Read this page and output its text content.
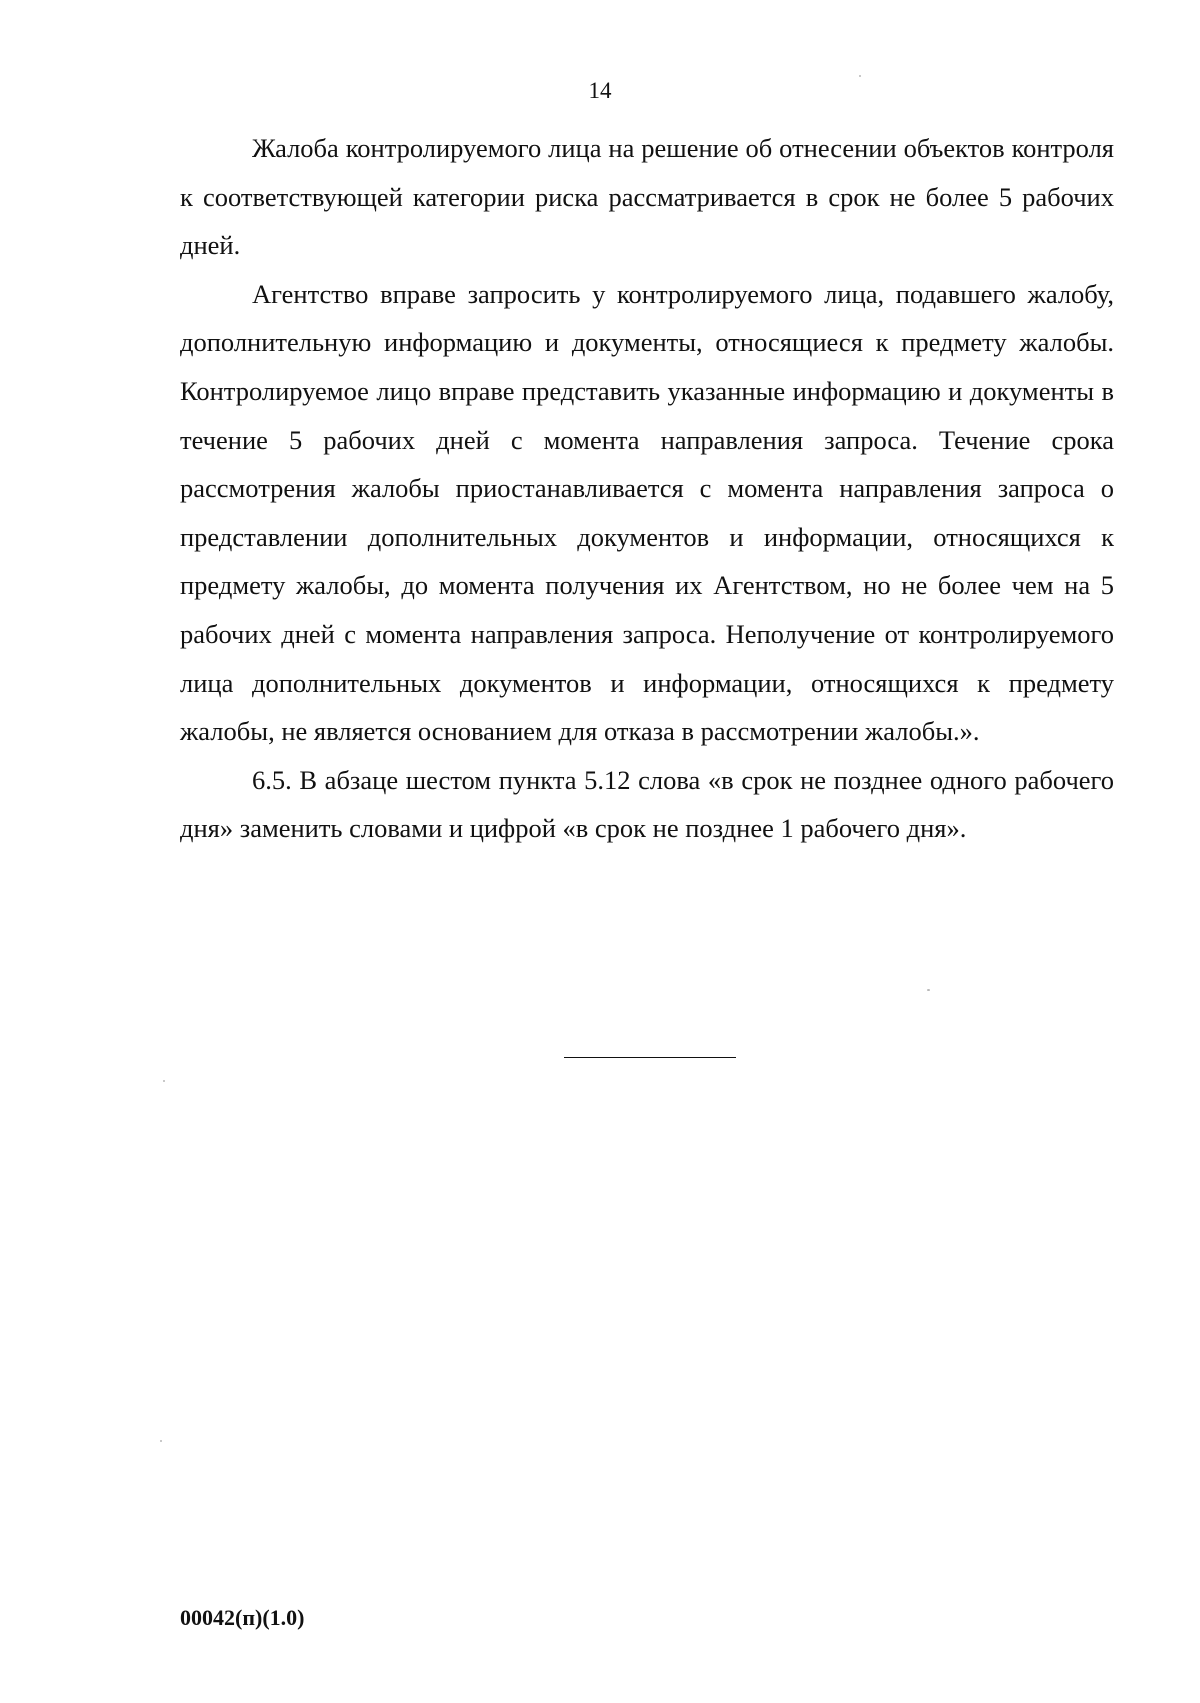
14

Жалоба контролируемого лица на решение об отнесении объектов контроля к соответствующей категории риска рассматривается в срок не более 5 рабочих дней.

Агентство вправе запросить у контролируемого лица, подавшего жалобу, дополнительную информацию и документы, относящиеся к предмету жалобы. Контролируемое лицо вправе представить указанные информацию и документы в течение 5 рабочих дней с момента направления запроса. Течение срока рассмотрения жалобы приостанавливается с момента направления запроса о представлении дополнительных документов и информации, относящихся к предмету жалобы, до момента получения их Агентством, но не более чем на 5 рабочих дней с момента направления запроса. Неполучение от контролируемого лица дополнительных документов и информации, относящихся к предмету жалобы, не является основанием для отказа в рассмотрении жалобы.».

6.5. В абзаце шестом пункта 5.12 слова «в срок не позднее одного рабочего дня» заменить словами и цифрой «в срок не позднее 1 рабочего дня».

00042(п)(1.0)
